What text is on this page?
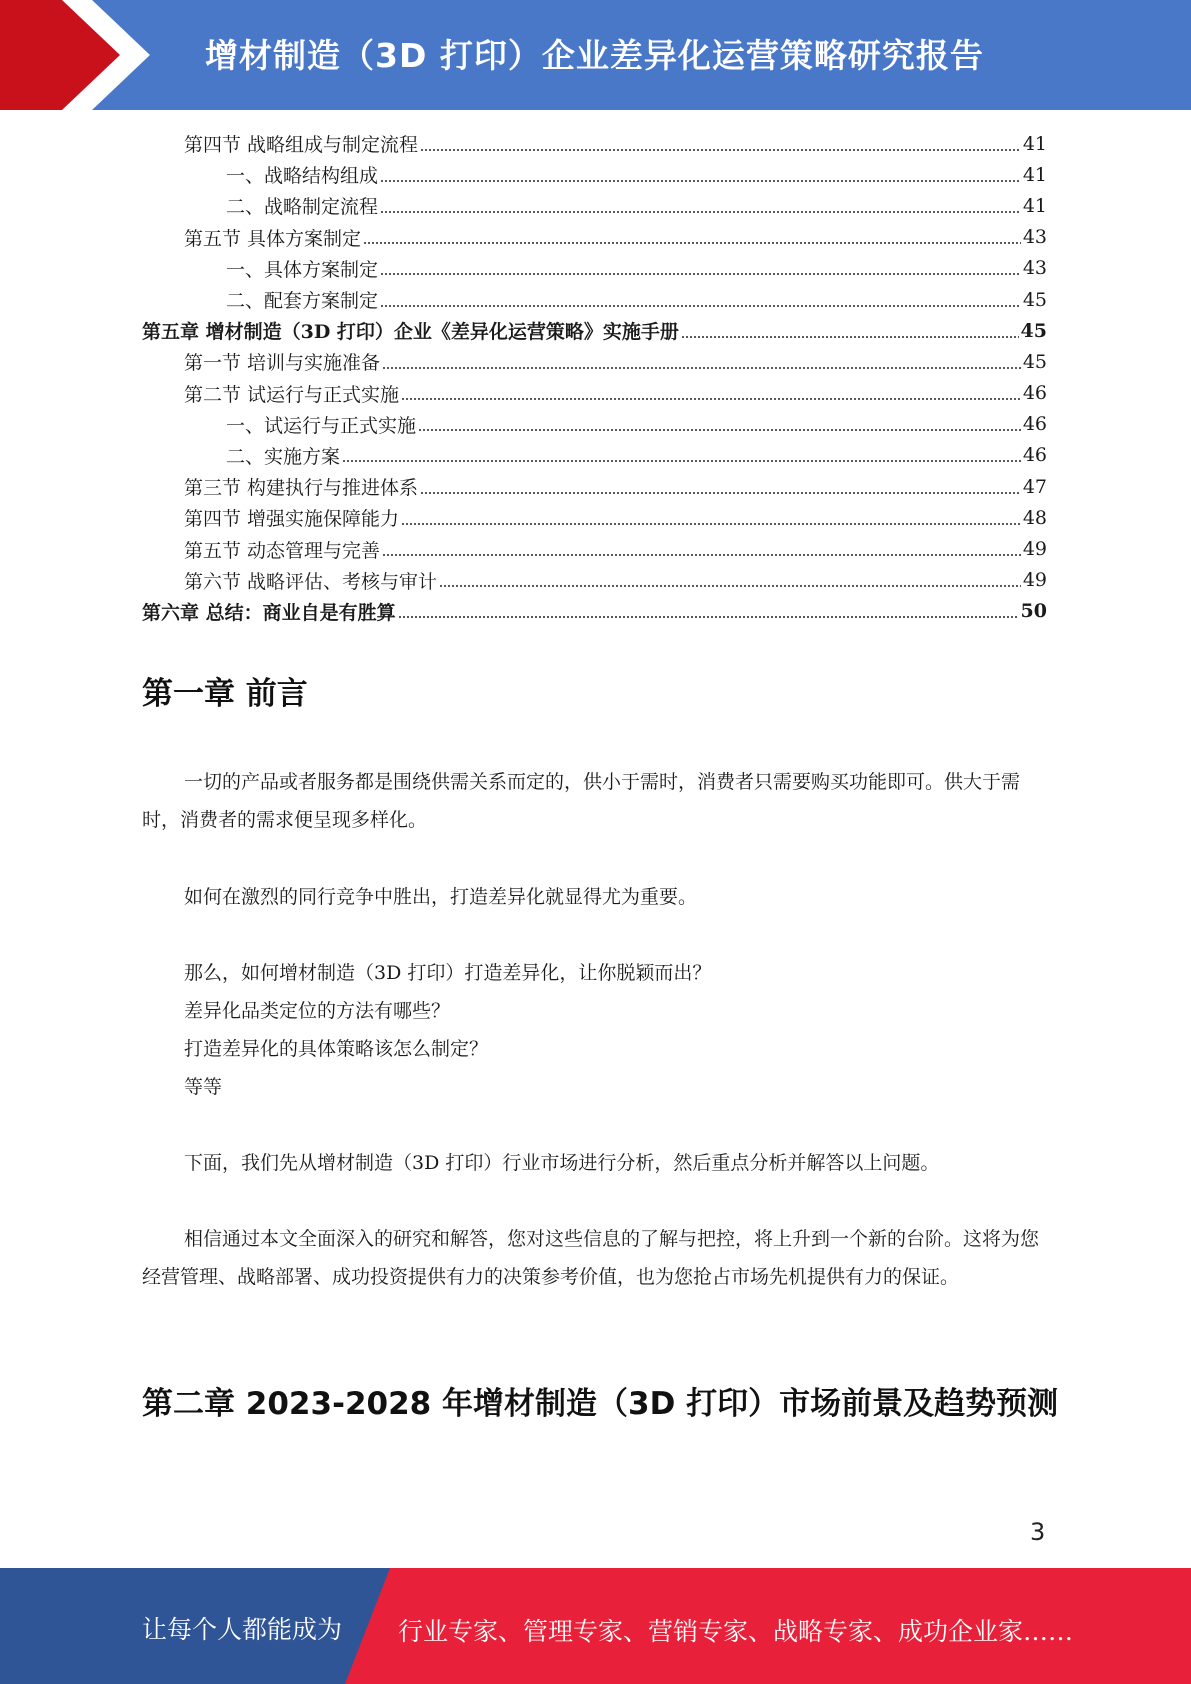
增材制造（3D 打印）企业差异化运营策略研究报告
第四节 战略组成与制定流程	41
一、战略结构组成	41
二、战略制定流程	41
第五节 具体方案制定	43
一、具体方案制定	43
二、配套方案制定	45
第五章 增材制造（3D 打印）企业《差异化运营策略》实施手册	45
第一节 培训与实施准备	45
第二节 试运行与正式实施	46
一、试运行与正式实施	46
二、实施方案	46
第三节 构建执行与推进体系	47
第四节 增强实施保障能力	48
第五节 动态管理与完善	49
第六节 战略评估、考核与审计	49
第六章 总结：商业自是有胜算	50
第一章 前言

一切的产品或者服务都是围绕供需关系而定的，供小于需时，消费者只需要购买功能即可。供大于需时，消费者的需求便呈现多样化。

如何在激烈的同行竞争中胜出，打造差异化就显得尤为重要。
那么，如何增材制造（3D 打印）打造差异化，让你脱颖而出？
差异化品类定位的方法有哪些？
打造差异化的具体策略该怎么制定？
等等
下面，我们先从增材制造（3D 打印）行业市场进行分析，然后重点分析并解答以上问题。

相信通过本文全面深入的研究和解答，您对这些信息的了解与把控，将上升到一个新的台阶。这将为您经营管理、战略部署、成功投资提供有力的决策参考价值，也为您抢占市场先机提供有力的保证。

第二章 2023-2028 年增材制造（3D 打印）市场前景及趋势预测
3
让每个人都能成为 行业专家、管理专家、营销专家、战略专家、成功企业家……
